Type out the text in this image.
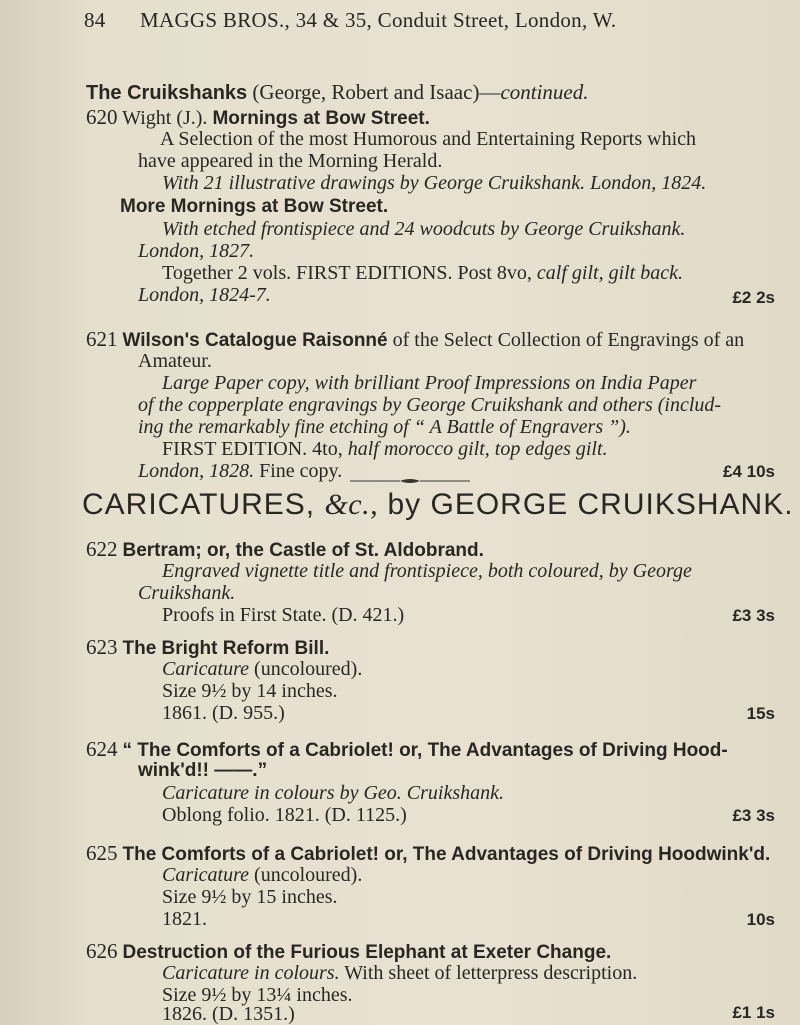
84 MAGGS BROS., 34 & 35, Conduit Street, London, W.
The Cruikshanks (George, Robert and Isaac)—continued.
620 Wight (J.). Mornings at Bow Street.
A Selection of the most Humorous and Entertaining Reports which
have appeared in the Morning Herald.
With 21 illustrative drawings by George Cruikshank. London, 1824.
More Mornings at Bow Street.
With etched frontispiece and 24 woodcuts by George Cruikshank.
London, 1827.
Together 2 vols. FIRST EDITIONS. Post 8vo, calf gilt, gilt back.
London, 1824-7.	£2 2s
621 Wilson's Catalogue Raisonné of the Select Collection of Engravings of an
Amateur.
Large Paper copy, with brilliant Proof Impressions on India Paper
of the copperplate engravings by George Cruikshank and others (includ-
ing the remarkably fine etching of “ A Battle of Engravers ”).
FIRST EDITION. 4to, half morocco gilt, top edges gilt.
London, 1828. Fine copy.	£4 10s
CARICATURES, &c., by GEORGE CRUIKSHANK.
622 Bertram; or, the Castle of St. Aldobrand.
Engraved vignette title and frontispiece, both coloured, by George
Cruikshank.
Proofs in First State. (D. 421.)	£3 3s
623 The Bright Reform Bill.
Caricature (uncoloured).
Size 9½ by 14 inches.
1861. (D. 955.)	15s
624 “ The Comforts of a Cabriolet! or, The Advantages of Driving Hood-
wink'd!! ——.”
Caricature in colours by Geo. Cruikshank.
Oblong folio. 1821. (D. 1125.)	£3 3s
625 The Comforts of a Cabriolet! or, The Advantages of Driving Hoodwink'd.
Caricature (uncoloured).
Size 9½ by 15 inches.
1821.	10s
626 Destruction of the Furious Elephant at Exeter Change.
Caricature in colours. With sheet of letterpress description.
Size 9½ by 13¼ inches.
1826. (D. 1351.)	£1 1s
